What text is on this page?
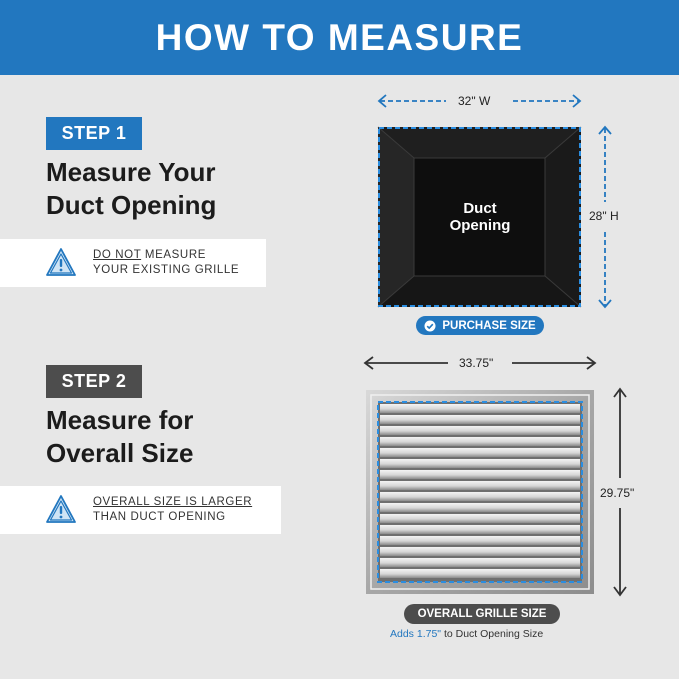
HOW TO MEASURE
STEP 1
Measure Your
Duct Opening
DO NOT MEASURE
YOUR EXISTING GRILLE
STEP 2
Measure for
Overall Size
OVERALL SIZE IS LARGER
THAN DUCT OPENING
32" W
28" H
Duct
Opening
PURCHASE SIZE
33.75"
29.75"
OVERALL GRILLE SIZE
Adds 1.75" to Duct Opening Size
